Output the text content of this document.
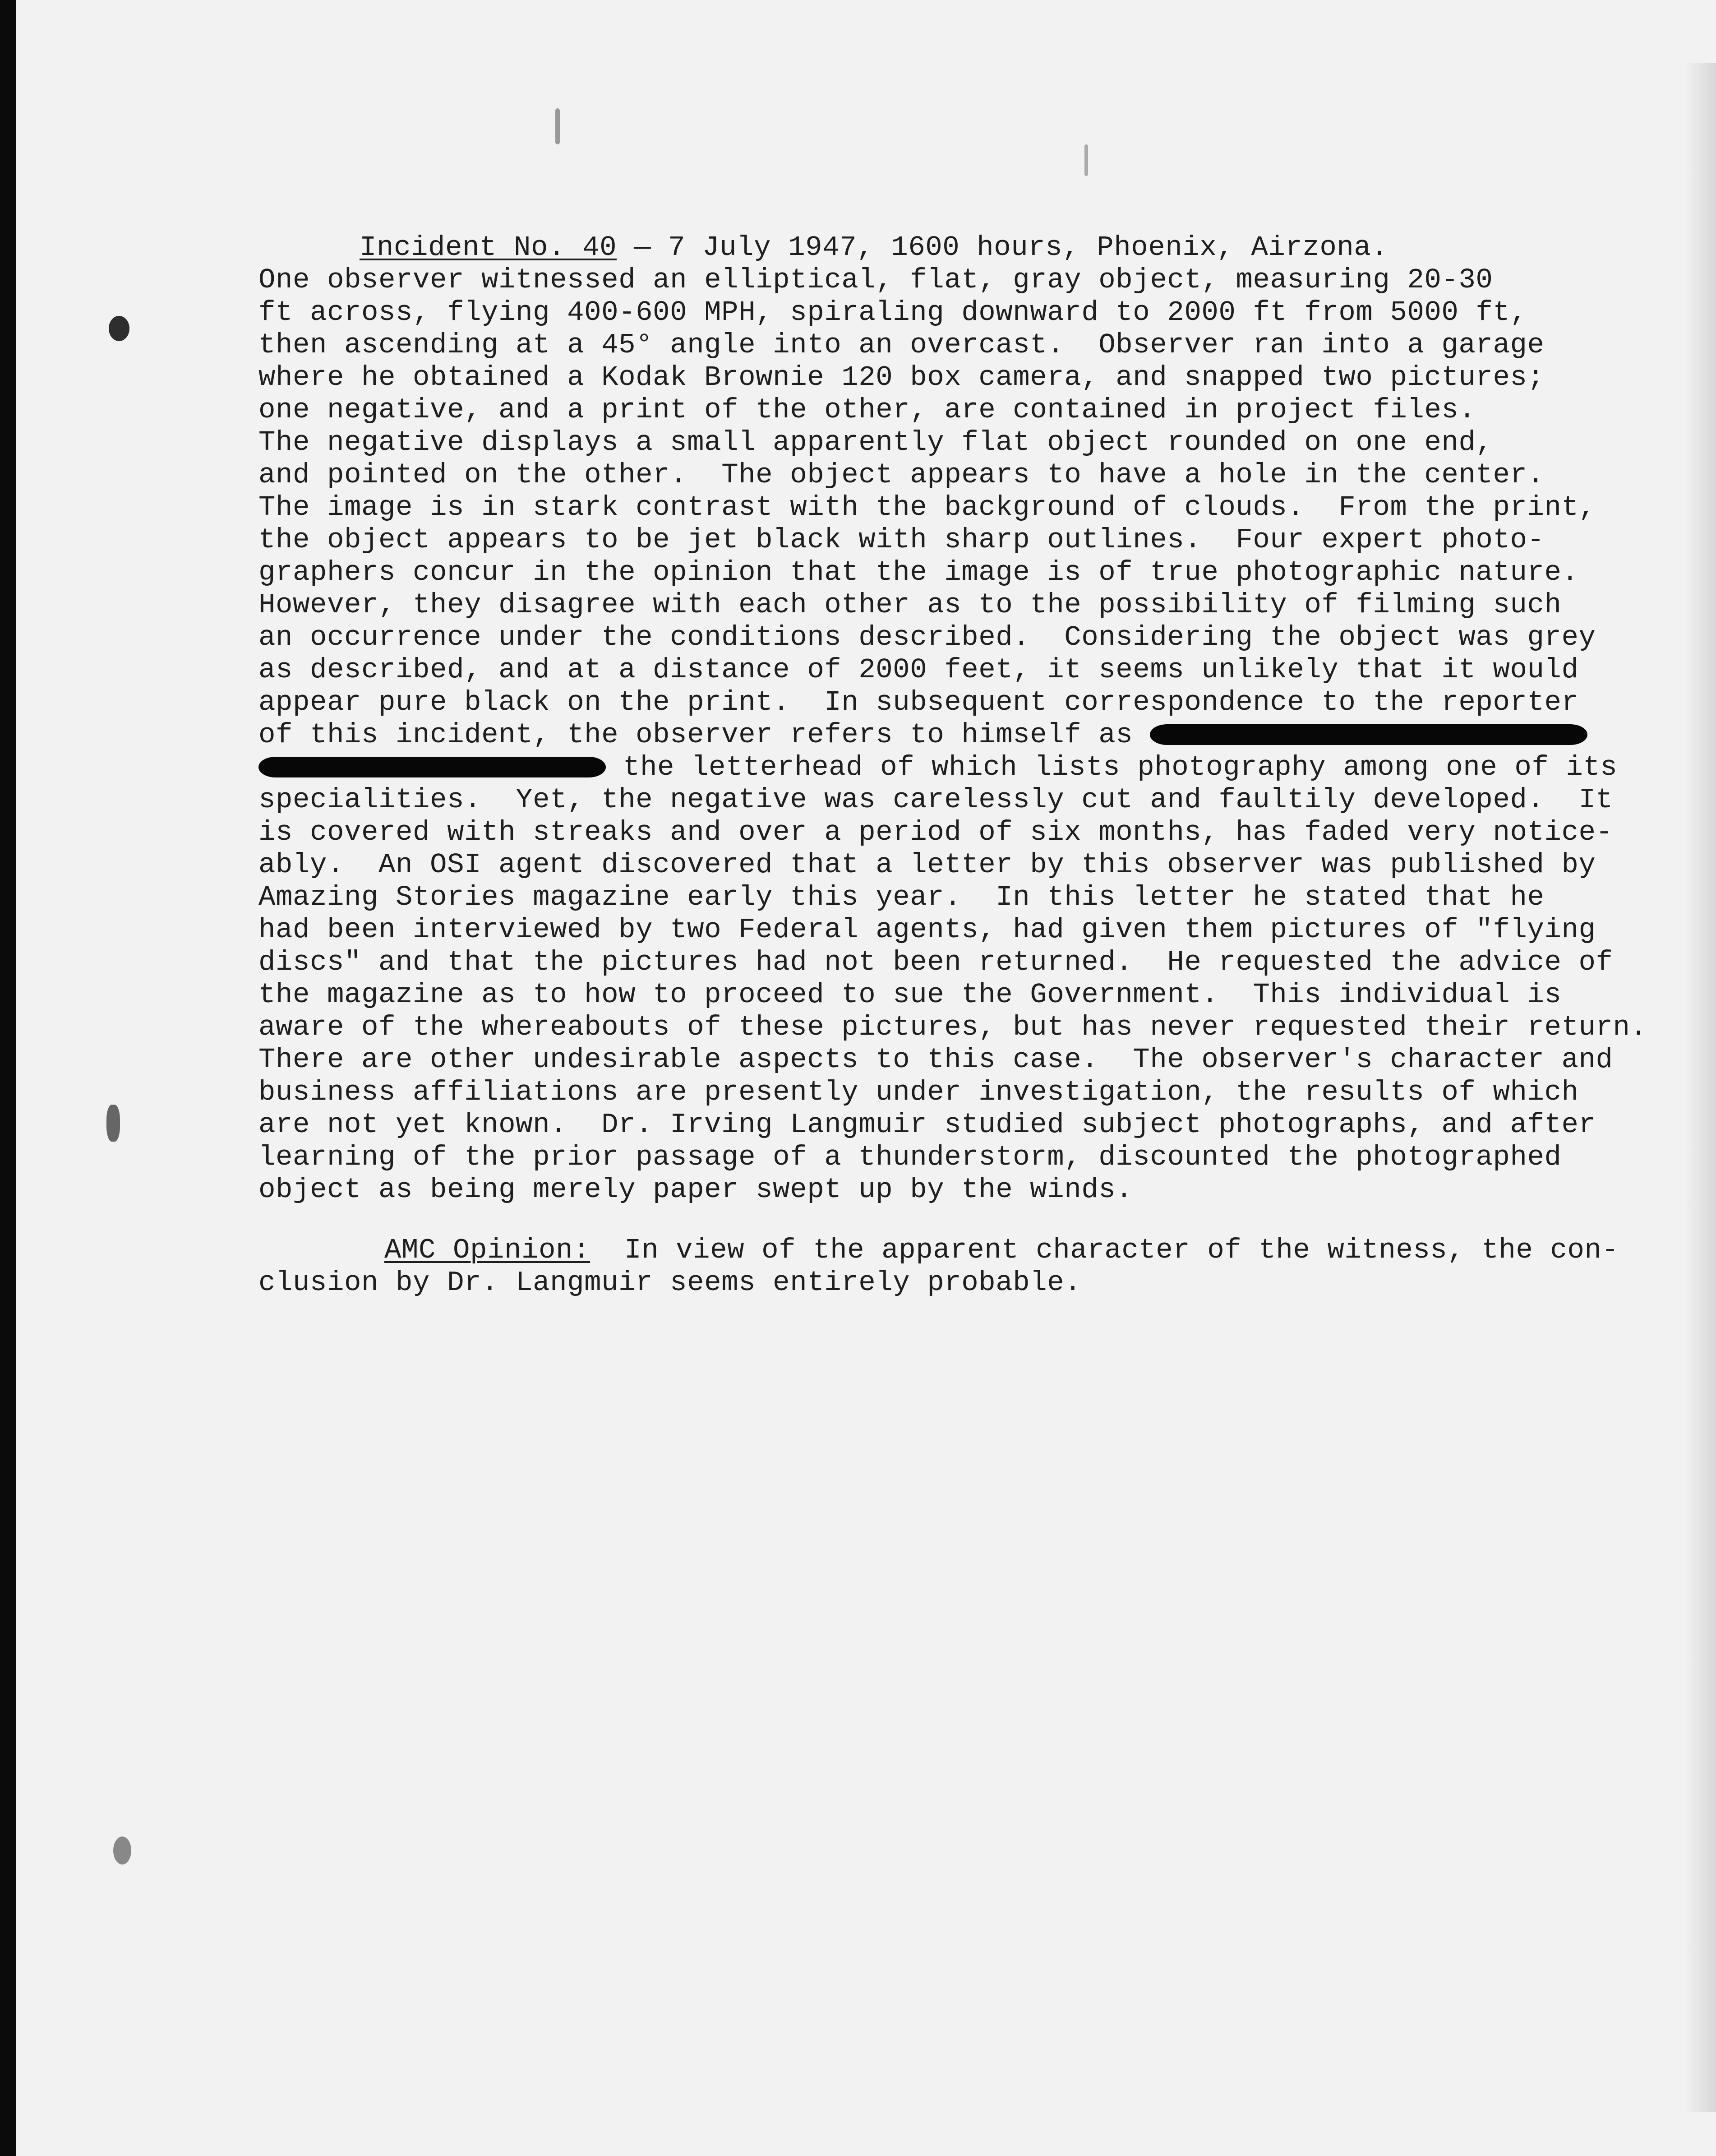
Incident No. 40 — 7 July 1947, 1600 hours, Phoenix, Airzona.

One observer witnessed an elliptical, flat, gray object, measuring 20-30

ft across, flying 400-600 MPH, spiraling downward to 2000 ft from 5000 ft,

then ascending at a 45° angle into an overcast.  Observer ran into a garage

where he obtained a Kodak Brownie 120 box camera, and snapped two pictures;

one negative, and a print of the other, are contained in project files.

The negative displays a small apparently flat object rounded on one end,

and pointed on the other.  The object appears to have a hole in the center.

The image is in stark contrast with the background of clouds.  From the print,

the object appears to be jet black with sharp outlines.  Four expert photo-

graphers concur in the opinion that the image is of true photographic nature.

However, they disagree with each other as to the possibility of filming such

an occurrence under the conditions described.  Considering the object was grey

as described, and at a distance of 2000 feet, it seems unlikely that it would

appear pure black on the print.  In subsequent correspondence to the reporter

of this incident, the observer refers to himself as

the letterhead of which lists photography among one of its

specialities.  Yet, the negative was carelessly cut and faultily developed.  It

is covered with streaks and over a period of six months, has faded very notice-

ably.  An OSI agent discovered that a letter by this observer was published by

Amazing Stories magazine early this year.  In this letter he stated that he

had been interviewed by two Federal agents, had given them pictures of "flying

discs" and that the pictures had not been returned.  He requested the advice of

the magazine as to how to proceed to sue the Government.  This individual is

aware of the whereabouts of these pictures, but has never requested their return.

There are other undesirable aspects to this case.  The observer's character and

business affiliations are presently under investigation, the results of which

are not yet known.  Dr. Irving Langmuir studied subject photographs, and after

learning of the prior passage of a thunderstorm, discounted the photographed

object as being merely paper swept up by the winds.

AMC Opinion:  In view of the apparent character of the witness, the con-

clusion by Dr. Langmuir seems entirely probable.
